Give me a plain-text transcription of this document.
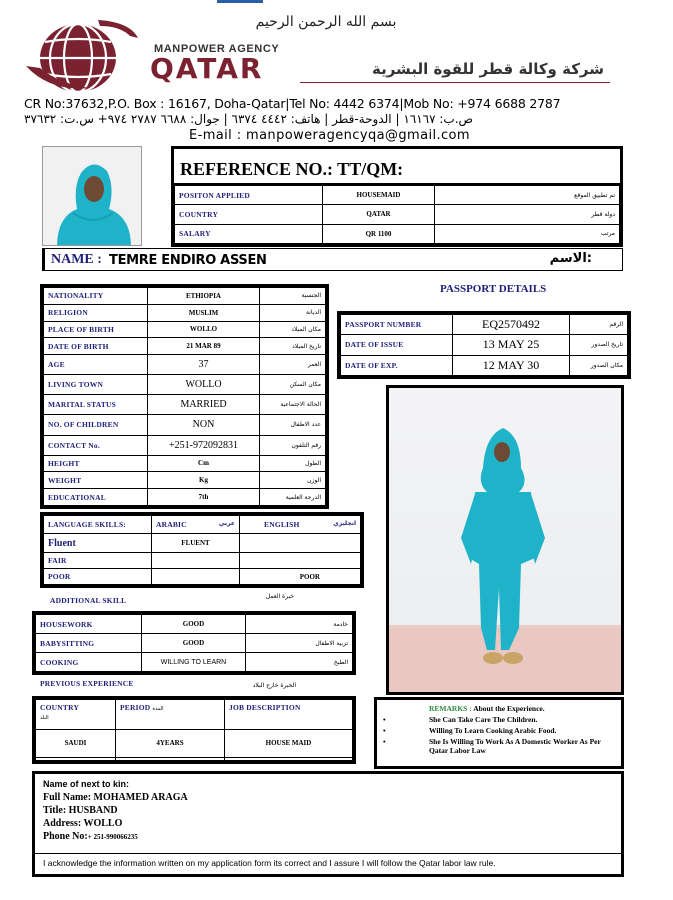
بسم الله الرحمن الرحيم
MANPOWER AGENCY
QATAR	شركة وكالة قطر للقوة البشرية
CR No:37632,P.O. Box : 16167, Doha-Qatar|Tel No: 4442 6374|Mob No: +974 6688 2787
ص.ب: ١٦١٦٧ | الدوحة-قطر | هاتف: ٤٤٤٢ ٦٣٧٤ | جوال: ٦٦٨٨ ٢٧٨٧ ٩٧٤+ س.ت: ٣٧٦٣٢
E-mail : manpoweragencyqa@gmail.com
REFERENCE NO.: TT/QM:
POSITON APPLIED	HOUSEMAID	تم تطبيق الموقع
COUNTRY	QATAR	دولة قطر
SALARY	QR 1100	مرتب
NAME : TEMRE ENDIRO ASSEN	الاسم:
NATIONALITY	ETHIOPIA	الجنسية
RELIGION	MUSLIM	الديانة
PLACE OF BIRTH	WOLLO	مكان الميلاد
DATE OF BIRTH	21 MAR 89	تاريخ الميلاد
AGE	37	العمر
LIVING TOWN	WOLLO	مكان السكن
MARITAL STATUS	MARRIED	الحالة الاجتماعية
NO. OF CHILDREN	NON	عدد الاطفال
CONTACT No.	+251-972092831	رقم التلفون
HEIGHT	Cm	الطول
WEIGHT	Kg	الوزن
EDUCATIONAL	7th	الدرجة العلمية
PASSPORT DETAILS
PASSPORT NUMBER	EQ2570492	الرقم
DATE OF ISSUE	13 MAY 25	تاريخ الصدور
DATE OF EXP.	12 MAY 30	مكان الصدور
LANGUAGE SKILLS:	ARABIC عربي	ENGLISH انجليزي

Fluent	FLUENT	
FAIR		
POOR		POOR
ADDITIONAL SKILL	خبرة العمل
HOUSEWORK	GOOD	خادمة
BABYSITTING	GOOD	تربية الاطفال
COOKING	WILLING TO LEARN	الطبخ
PREVIOUS EXPERIENCE	الخبرة خارج البلاد
COUNTRY
البلد	PERIOD المدة	JOB DESCRIPTION
SAUDI	4YEARS	HOUSE MAID

REMARKS : About the Experience.
•	She Can Take Care The Children.
•	Willing To Learn Cooking Arabic Food.
•	She Is Willing To Work As A Domestic Worker As Per Qatar Labor Law
Name of next to kin:
Full Name: MOHAMED ARAGA
Title: HUSBAND
Address: WOLLO
Phone No:+ 251-990066235
I acknowledge the information written on my application form its correct and I assure I will follow the Qatar labor law rule.
